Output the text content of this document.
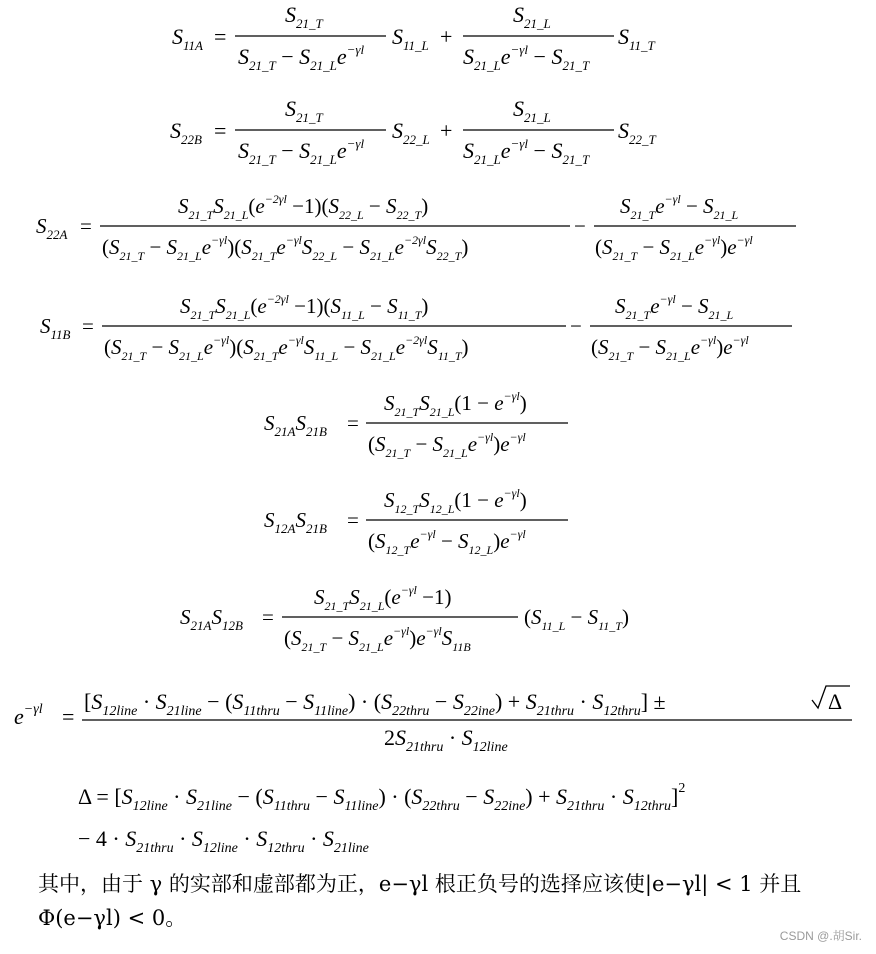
$S_{11A}$ =
$S_{21\_T}$
$S_{21\_T} - S_{21\_L}e^{-\gamma l}$
$S_{11\_L}$ +
$S_{21\_L}$
$S_{21\_L}e^{-\gamma l} - S_{21\_T}$
$S_{11\_T}$
$S_{22B}$ =
$S_{21\_T}$
$S_{21\_T} - S_{21\_L}e^{-\gamma l}$
$S_{22\_L}$ +
$S_{21\_L}$
$S_{21\_L}e^{-\gamma l} - S_{21\_T}$
$S_{22\_T}$
$S_{22A}$ =
$S_{21\_T}S_{21\_L}(e^{-2\gamma l} -1)(S_{22\_L} - S_{22\_T})$
$(S_{21\_T} - S_{21\_L}e^{-\gamma l})(S_{21\_T}e^{-\gamma l}S_{22\_L} - S_{21\_L}e^{-2\gamma l}S_{22\_T})$
−
$S_{21\_T}e^{-\gamma l} - S_{21\_L}$
$(S_{21\_T} - S_{21\_L}e^{-\gamma l})e^{-\gamma l}$
$S_{11B}$ =
$S_{21\_T}S_{21\_L}(e^{-2\gamma l} -1)(S_{11\_L} - S_{11\_T})$
$(S_{21\_T} - S_{21\_L}e^{-\gamma l})(S_{21\_T}e^{-\gamma l}S_{11\_L} - S_{21\_L}e^{-2\gamma l}S_{11\_T})$
−
$S_{21\_T}e^{-\gamma l} - S_{21\_L}$
$(S_{21\_T} - S_{21\_L}e^{-\gamma l})e^{-\gamma l}$
$S_{21A}S_{21B}$ =
$S_{21\_T}S_{21\_L}(1 - e^{-\gamma l})$
$(S_{21\_T} - S_{21\_L}e^{-\gamma l})e^{-\gamma l}$
$S_{12A}S_{21B}$ =
$S_{12\_T}S_{12\_L}(1 - e^{-\gamma l})$
$(S_{12\_T}e^{-\gamma l} - S_{12\_L})e^{-\gamma l}$
$S_{21A}S_{12B}$ =
$S_{21\_T}S_{21\_L}(e^{-\gamma l} -1)$
$(S_{21\_T} - S_{21\_L}e^{-\gamma l})e^{-\gamma l}S_{11B}$
$(S_{11\_L} - S_{11\_T})$
$e^{-\gamma l}$ =
$[S_{12line} \cdot S_{21line} - (S_{11thru} - S_{11line}) \cdot (S_{22thru} - S_{22ine}) + S_{21thru} \cdot S_{12thru}]$ ±	Δ
$2S_{21thru} \cdot S_{12line}$
$\Delta = [S_{12line} \cdot S_{21line} - (S_{11thru} - S_{11line}) \cdot (S_{22thru} - S_{22ine}) + S_{21thru} \cdot S_{12thru}]^2$
− $4 \cdot S_{21thru} \cdot S_{12line} \cdot S_{12thru} \cdot S_{21line}$
其中，由于 γ 的实部和虚部都为正，e−γl 根正负号的选择应该使|e−γl| < 1 并且
Φ(e−γl) < 0。
CSDN @.胡Sir.
